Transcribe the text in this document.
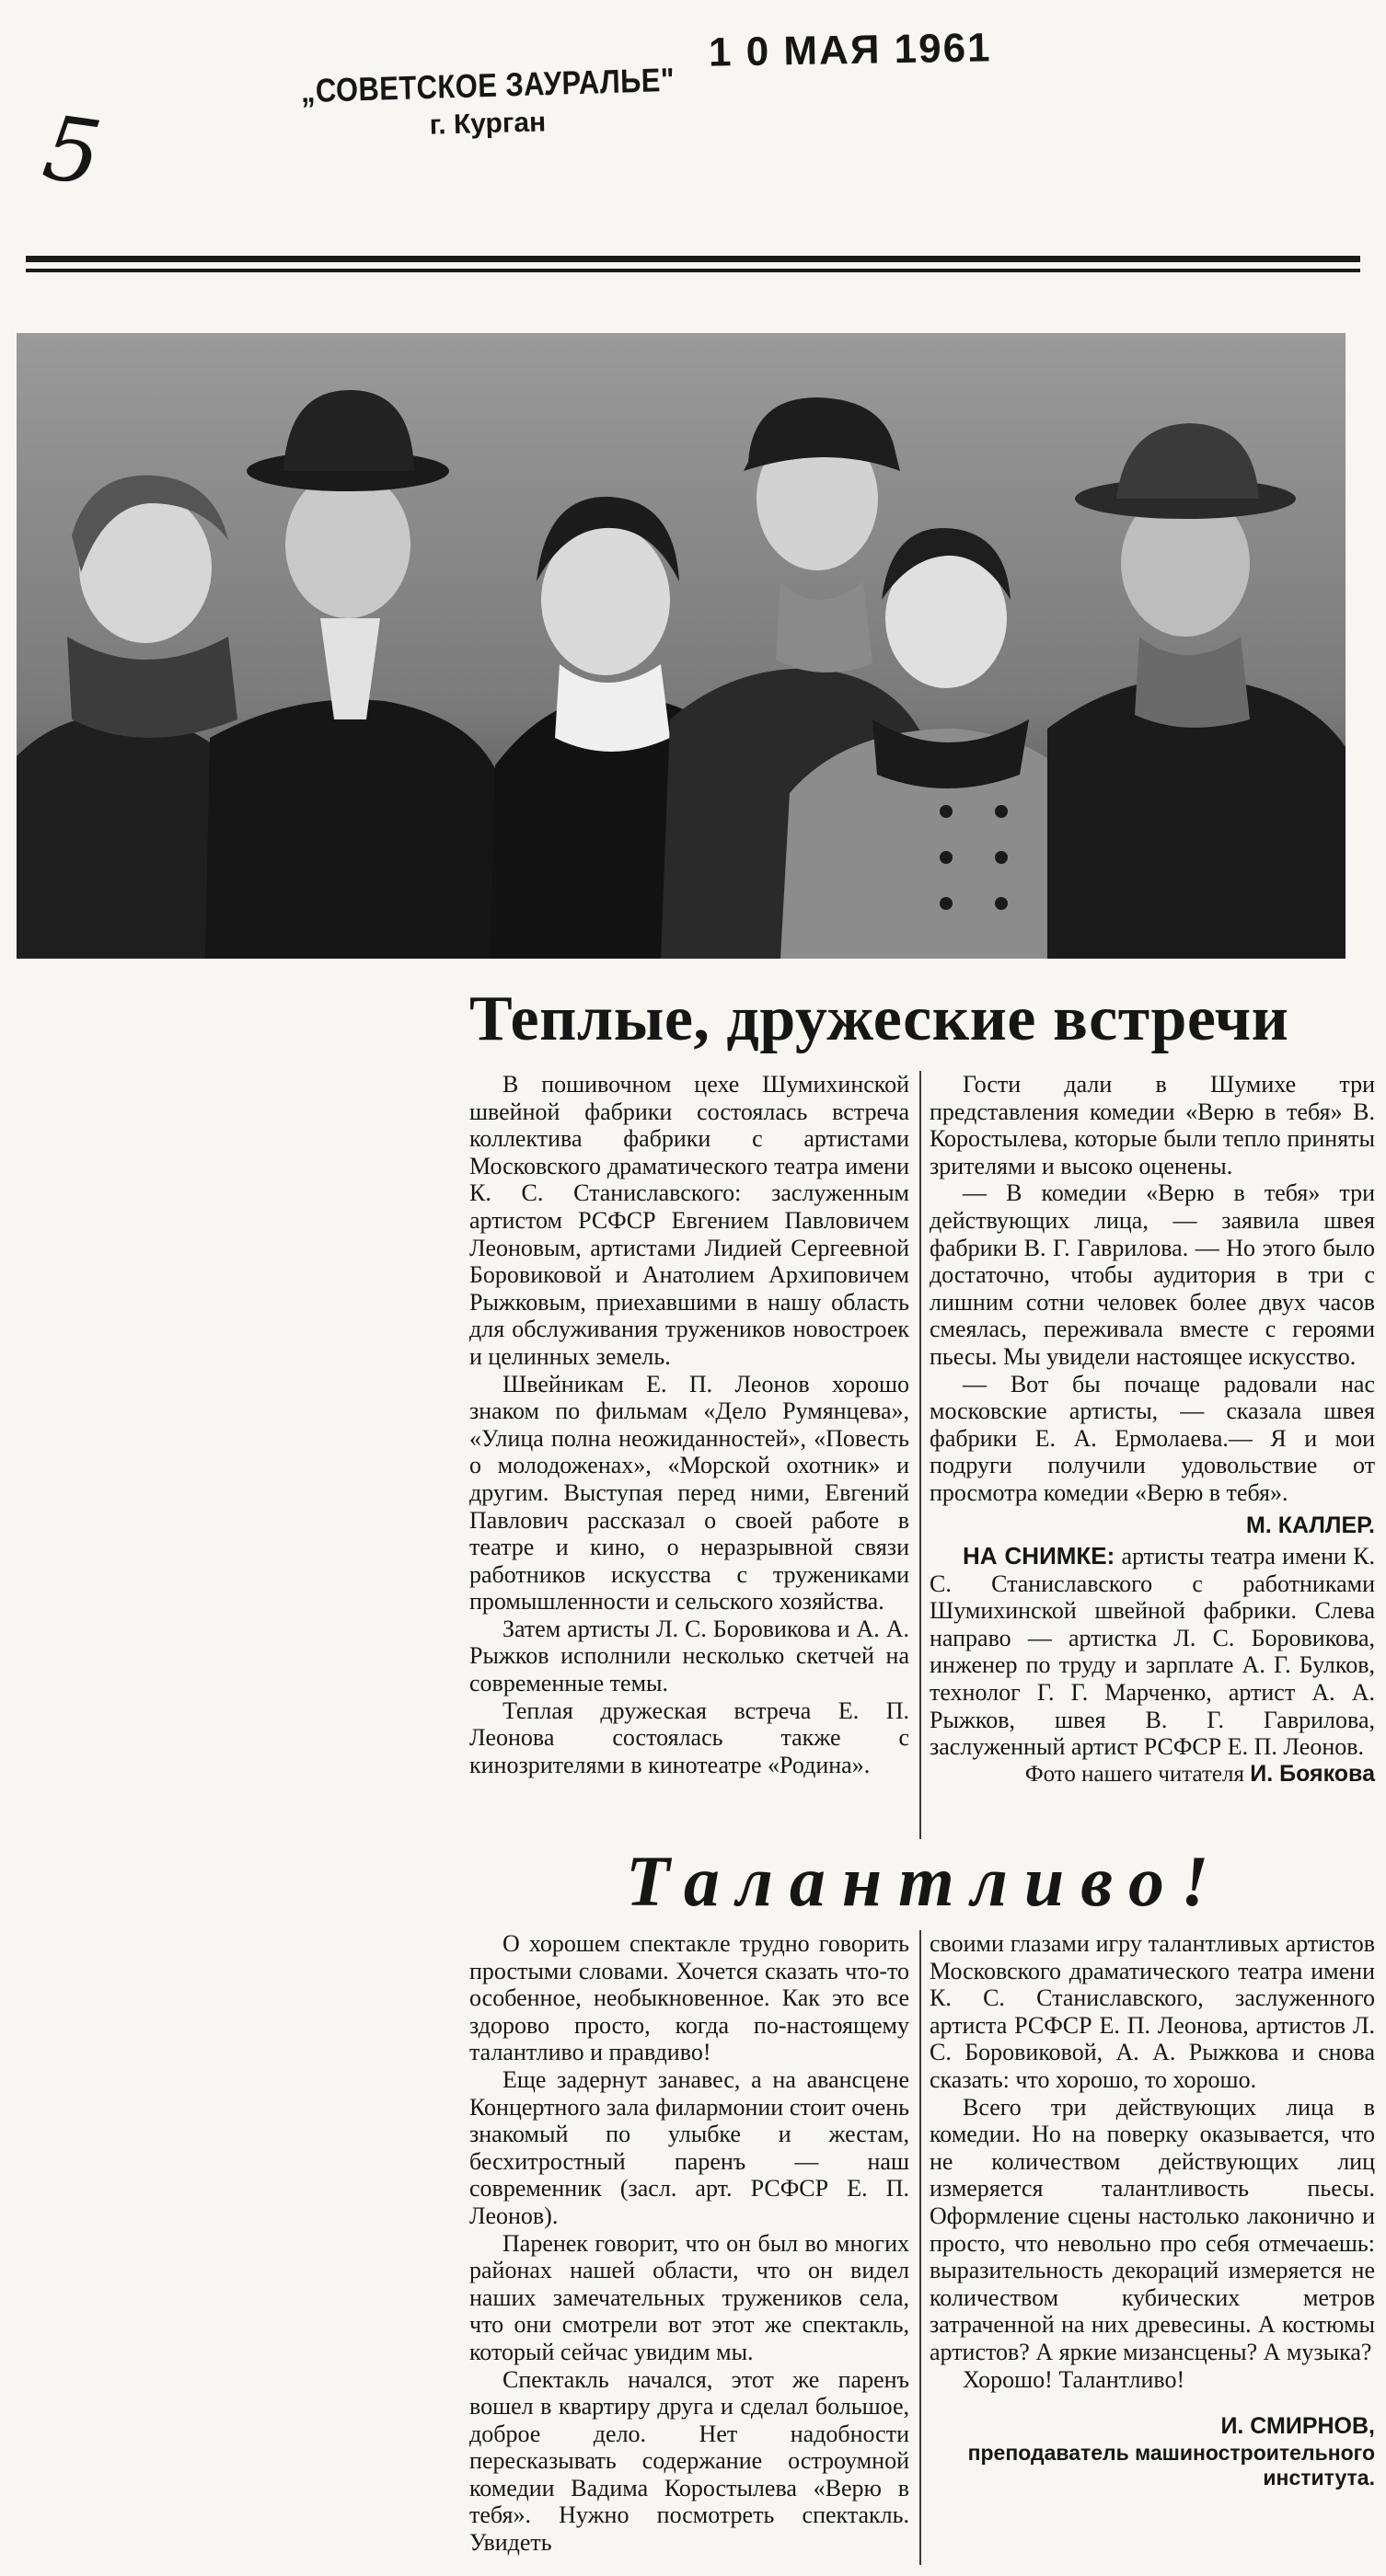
5
„СОВЕТСКОЕ ЗАУРАЛЬЕ"
г. Курган
1 0 МАЯ 1961
Теплые, дружеские встречи

В пошивочном цехе Шумихинской швейной фабрики состоялась встреча коллектива фабрики с артистами Московского драматического театра имени К. С. Станиславского: заслуженным артистом РСФСР Евгением Павловичем Леоновым, артистами Лидией Сергеевной Боровиковой и Анатолием Архиповичем Рыжковым, приехавшими в нашу область для обслуживания тружеников новостроек и целинных земель.

Швейникам Е. П. Леонов хорошо знаком по фильмам «Дело Румянцева», «Улица полна неожиданностей», «Повесть о молодоженах», «Морской охотник» и другим. Выступая перед ними, Евгений Павлович рассказал о своей работе в театре и кино, о неразрывной связи работников искусства с тружениками промышленности и сельского хозяйства.

Затем артисты Л. С. Боровикова и А. А. Рыжков исполнили несколько скетчей на современные темы.

Теплая дружеская встреча Е. П. Леонова состоялась также с кинозрителями в кинотеатре «Родина».

Гости дали в Шумихе три представления комедии «Верю в тебя» В. Коростылева, которые были тепло приняты зрителями и высоко оценены.

— В комедии «Верю в тебя» три действующих лица, — заявила швея фабрики В. Г. Гаврилова. — Но этого было достаточно, чтобы аудитория в три с лишним сотни человек более двух часов смеялась, переживала вместе с героями пьесы. Мы увидели настоящее искусство.

— Вот бы почаще радовали нас московские артисты, — сказала швея фабрики Е. А. Ермолаева.— Я и мои подруги получили удовольствие от просмотра комедии «Верю в тебя».

М. КАЛЛЕР.

НА СНИМКЕ: артисты театра имени К. С. Станиславского с работниками Шумихинской швейной фабрики. Слева направо — артистка Л. С. Боровикова, инженер по труду и зарплате А. Г. Булков, технолог Г. Г. Марченко, артист А. А. Рыжков, швея В. Г. Гаврилова, заслуженный артист РСФСР Е. П. Леонов.

Фото нашего читателя И. Боякова
Талантливо!

О хорошем спектакле трудно говорить простыми словами. Хочется сказать что-то особенное, необыкновенное. Как это все здорово просто, когда по-настоящему талантливо и правдиво!

Еще задернут занавес, а на авансцене Концертного зала филармонии стоит очень знакомый по улыбке и жестам, бесхитростный паренъ — наш современник (засл. арт. РСФСР Е. П. Леонов).

Паренек говорит, что он был во многих районах нашей области, что он видел наших замечательных тружеников села, что они смотрели вот этот же спектакль, который сейчас увидим мы.

Спектакль начался, этот же паренъ вошел в квартиру друга и сделал большое, доброе дело. Нет надобности пересказывать содержание остроумной комедии Вадима Коростылева «Верю в тебя». Нужно посмотреть спектакль. Увидеть

своими глазами игру талантливых артистов Московского драматического театра имени К. С. Станиславского, заслуженного артиста РСФСР Е. П. Леонова, артистов Л. С. Боровиковой, А. А. Рыжкова и снова сказать: что хорошо, то хорошо.

Всего три действующих лица в комедии. Но на поверку оказывается, что не количеством действующих лиц измеряется талантливость пьесы. Оформление сцены настолько лаконично и просто, что невольно про себя отмечаешь: выразительность декораций измеряется не количеством кубических метров затраченной на них древесины. А костюмы артистов? А яркие мизансцены? А музыка?

Хорошо! Талантливо!

И. СМИРНОВ,
преподаватель машиностроительного института.
